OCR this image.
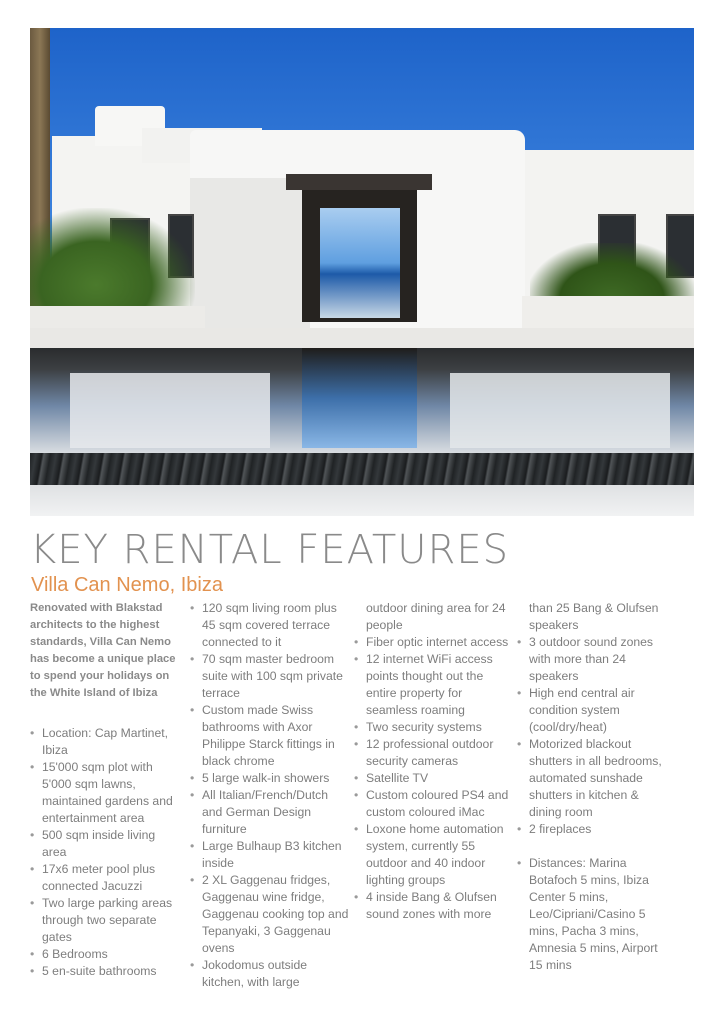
KEY RENTAL FEATURES
Villa Can Nemo, Ibiza

Renovated with Blakstad architects to the highest standards, Villa Can Nemo has become a unique place to spend your holidays on the White Island of Ibiza

• Location: Cap Martinet, Ibiza
• 15'000 sqm plot with 5'000 sqm lawns, maintained gardens and entertainment area
• 500 sqm inside living area
• 17x6 meter pool plus connected Jacuzzi
• Two large parking areas through two separate gates
• 6 Bedrooms
• 5 en-suite bathrooms
• 120 sqm living room plus 45 sqm covered terrace connected to it
• 70 sqm master bedroom suite with 100 sqm private terrace
• Custom made Swiss bathrooms with Axor Philippe Starck fittings in black chrome
• 5 large walk-in showers
• All Italian/French/Dutch and German Design furniture
• Large Bulhaup B3 kitchen inside
• 2 XL Gaggenau fridges, Gaggenau wine fridge, Gaggenau cooking top and Tepanyaki, 3 Gaggenau ovens
• Jokodomus outside kitchen, with large
outdoor dining area for 24 people
• Fiber optic internet access
• 12 internet WiFi access points thought out the entire property for seamless roaming
• Two security systems
• 12 professional outdoor security cameras
• Satellite TV
• Custom coloured PS4 and custom coloured iMac
• Loxone home automation system, currently 55 outdoor and 40 indoor lighting groups
• 4 inside Bang & Olufsen sound zones with more
than 25 Bang & Olufsen speakers
• 3 outdoor sound zones with more than 24 speakers
• High end central air condition system (cool/dry/heat)
• Motorized blackout shutters in all bedrooms, automated sunshade shutters in kitchen & dining room
• 2 fireplaces
• Distances: Marina Botafoch 5 mins, Ibiza Center 5 mins, Leo/Cipriani/Casino 5 mins, Pacha 3 mins, Amnesia 5 mins, Airport 15 mins
